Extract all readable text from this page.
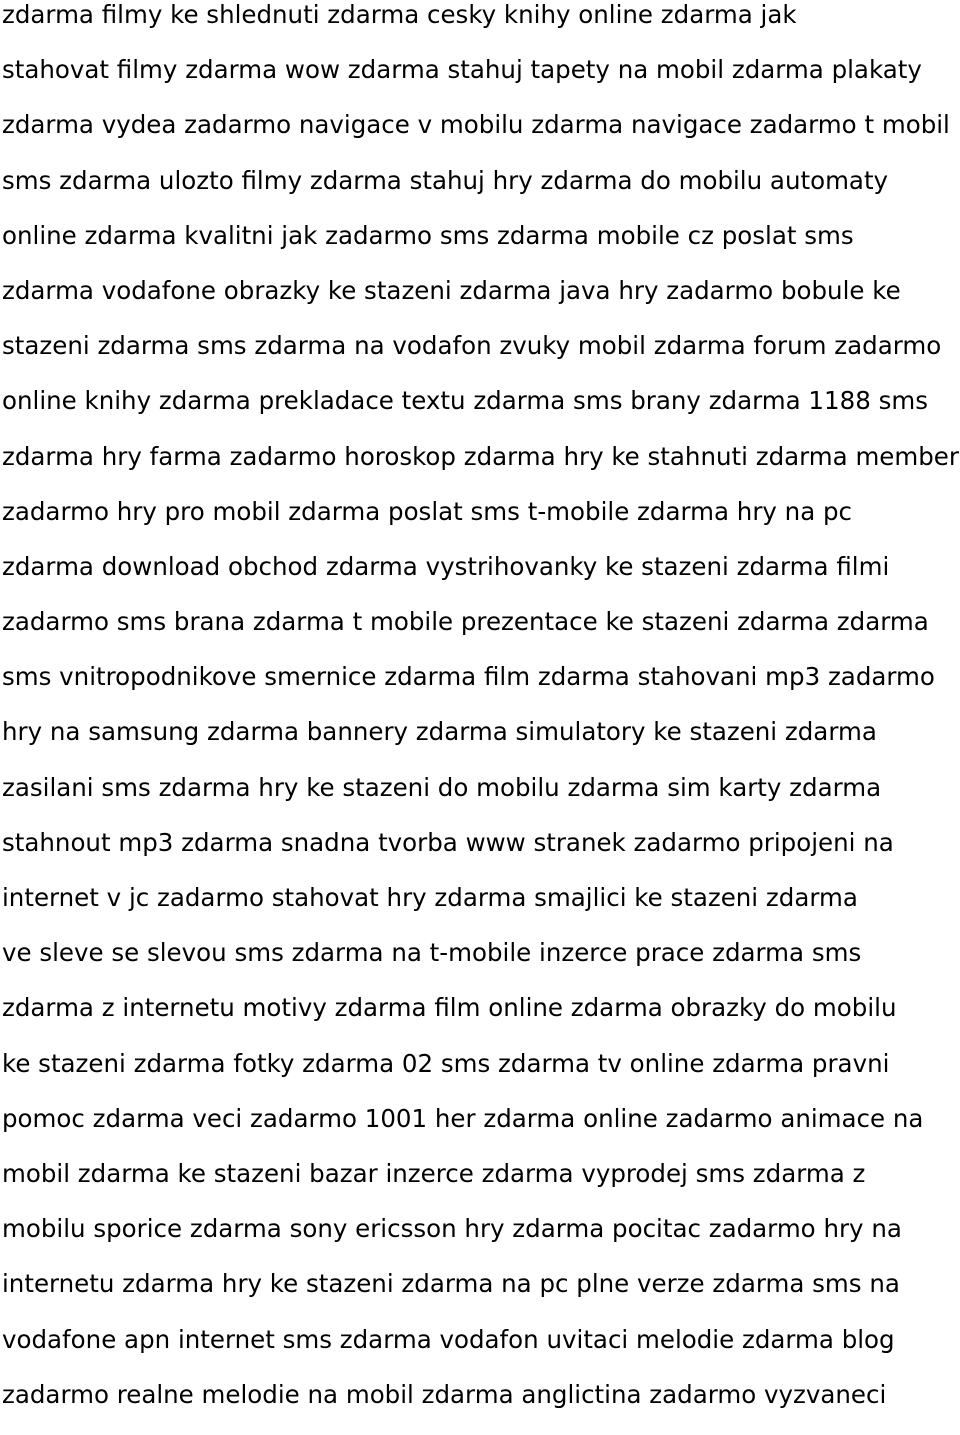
zdarma filmy ke shlednuti zdarma cesky knihy online zdarma jak
stahovat filmy zdarma wow zdarma stahuj tapety na mobil zdarma plakaty
zdarma vydea zadarmo navigace v mobilu zdarma navigace zadarmo t mobil
sms zdarma ulozto filmy zdarma stahuj hry zdarma do mobilu automaty
online zdarma kvalitni jak zadarmo sms zdarma mobile cz poslat sms
zdarma vodafone obrazky ke stazeni zdarma java hry zadarmo bobule ke
stazeni zdarma sms zdarma na vodafon zvuky mobil zdarma forum zadarmo
online knihy zdarma prekladace textu zdarma sms brany zdarma 1188 sms
zdarma hry farma zadarmo horoskop zdarma hry ke stahnuti zdarma member
zadarmo hry pro mobil zdarma poslat sms t-mobile zdarma hry na pc
zdarma download obchod zdarma vystrihovanky ke stazeni zdarma filmi
zadarmo sms brana zdarma t mobile prezentace ke stazeni zdarma zdarma
sms vnitropodnikove smernice zdarma film zdarma stahovani mp3 zadarmo
hry na samsung zdarma bannery zdarma simulatory ke stazeni zdarma
zasilani sms zdarma hry ke stazeni do mobilu zdarma sim karty zdarma
stahnout mp3 zdarma snadna tvorba www stranek zadarmo pripojeni na
internet v jc zadarmo stahovat hry zdarma smajlici ke stazeni zdarma
ve sleve se slevou sms zdarma na t-mobile inzerce prace zdarma sms
zdarma z internetu motivy zdarma film online zdarma obrazky do mobilu
ke stazeni zdarma fotky zdarma 02 sms zdarma tv online zdarma pravni
pomoc zdarma veci zadarmo 1001 her zdarma online zadarmo animace na
mobil zdarma ke stazeni bazar inzerce zdarma vyprodej sms zdarma z
mobilu sporice zdarma sony ericsson hry zdarma pocitac zadarmo hry na
internetu zdarma hry ke stazeni zdarma na pc plne verze zdarma sms na
vodafone apn internet sms zdarma vodafon uvitaci melodie zdarma blog
zadarmo realne melodie na mobil zdarma anglictina zadarmo vyzvaneci
